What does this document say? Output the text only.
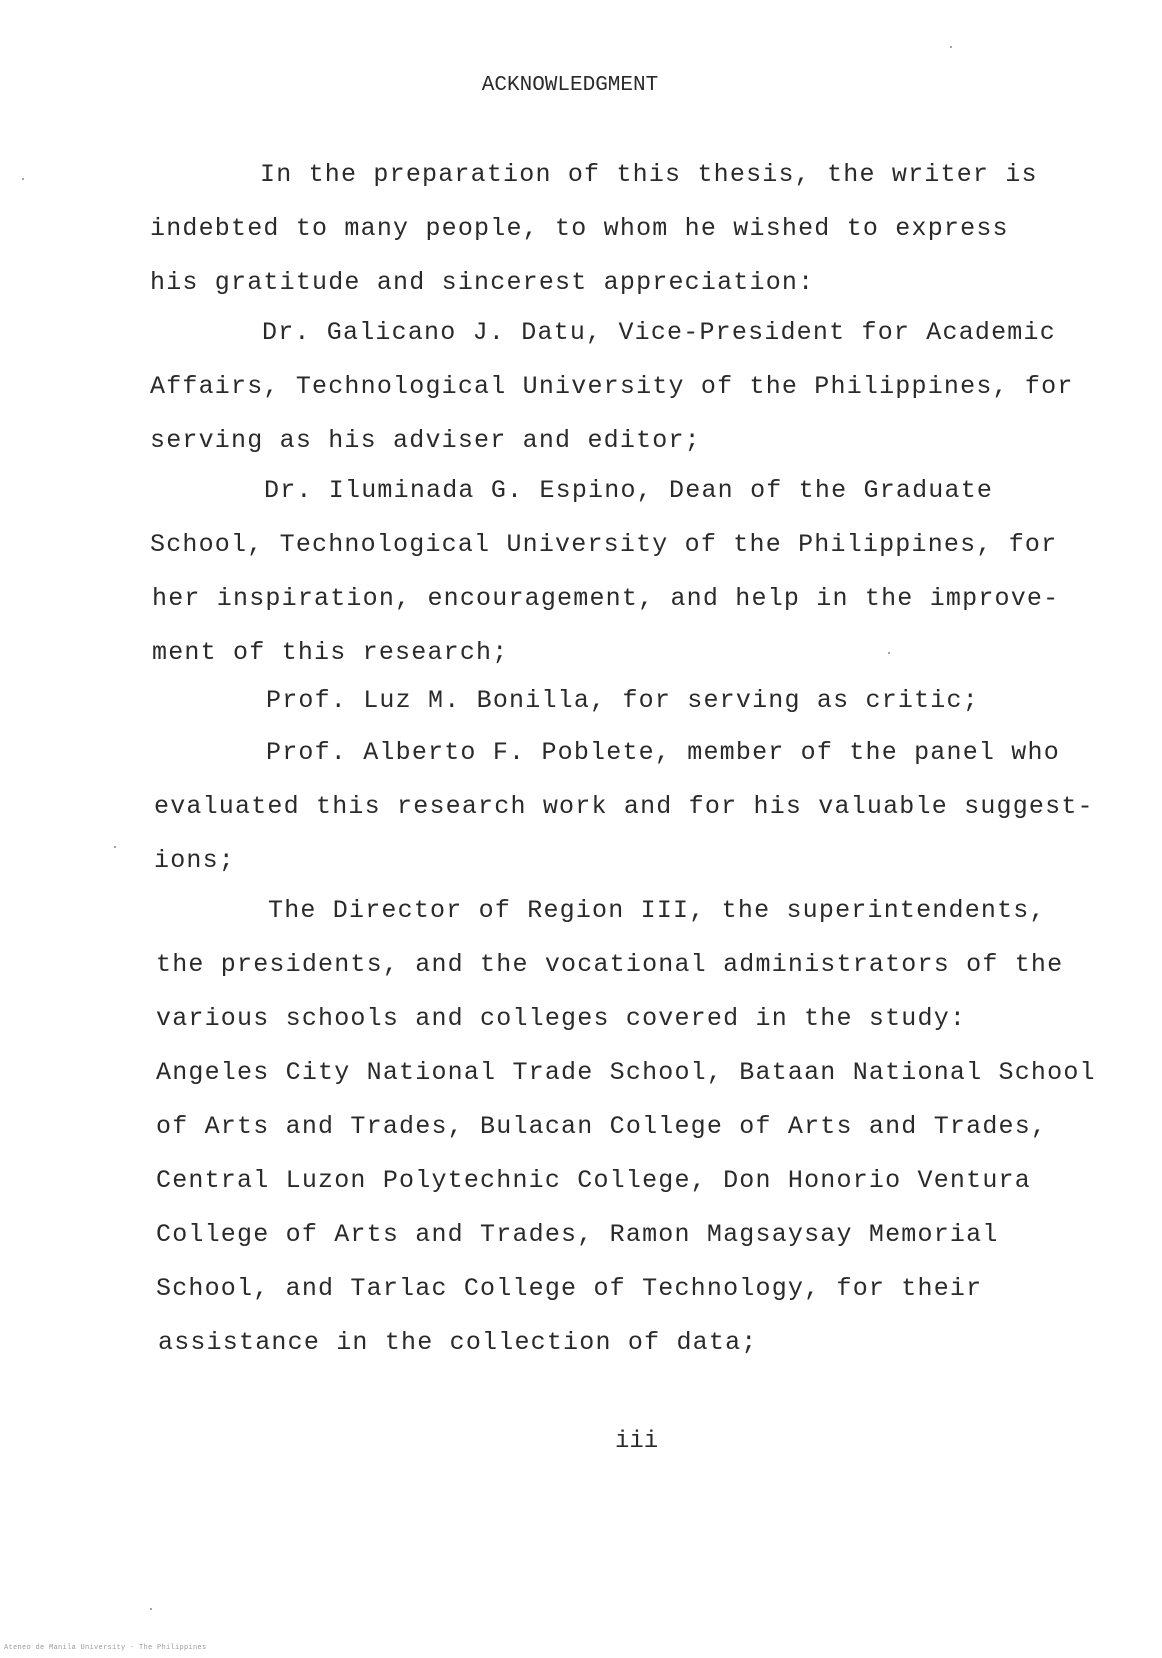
ACKNOWLEDGMENT
In the preparation of this thesis, the writer is
indebted to many people, to whom he wished to express
his gratitude and sincerest appreciation:
Dr. Galicano J. Datu, Vice-President for Academic
Affairs, Technological University of the Philippines, for
serving as his adviser and editor;
Dr. Iluminada G. Espino, Dean of the Graduate
School, Technological University of the Philippines, for
her inspiration, encouragement, and help in the improve-
ment of this research;
Prof. Luz M. Bonilla, for serving as critic;
Prof. Alberto F. Poblete, member of the panel who
evaluated this research work and for his valuable suggest-
ions;
The Director of Region III, the superintendents,
the presidents, and the vocational administrators of the
various schools and colleges covered in the study:
Angeles City National Trade School, Bataan National School
of Arts and Trades, Bulacan College of Arts and Trades,
Central Luzon Polytechnic College, Don Honorio Ventura
College of Arts and Trades, Ramon Magsaysay Memorial
School, and Tarlac College of Technology, for their
assistance in the collection of data;
iii
Ateneo de Manila University - The Philippines
